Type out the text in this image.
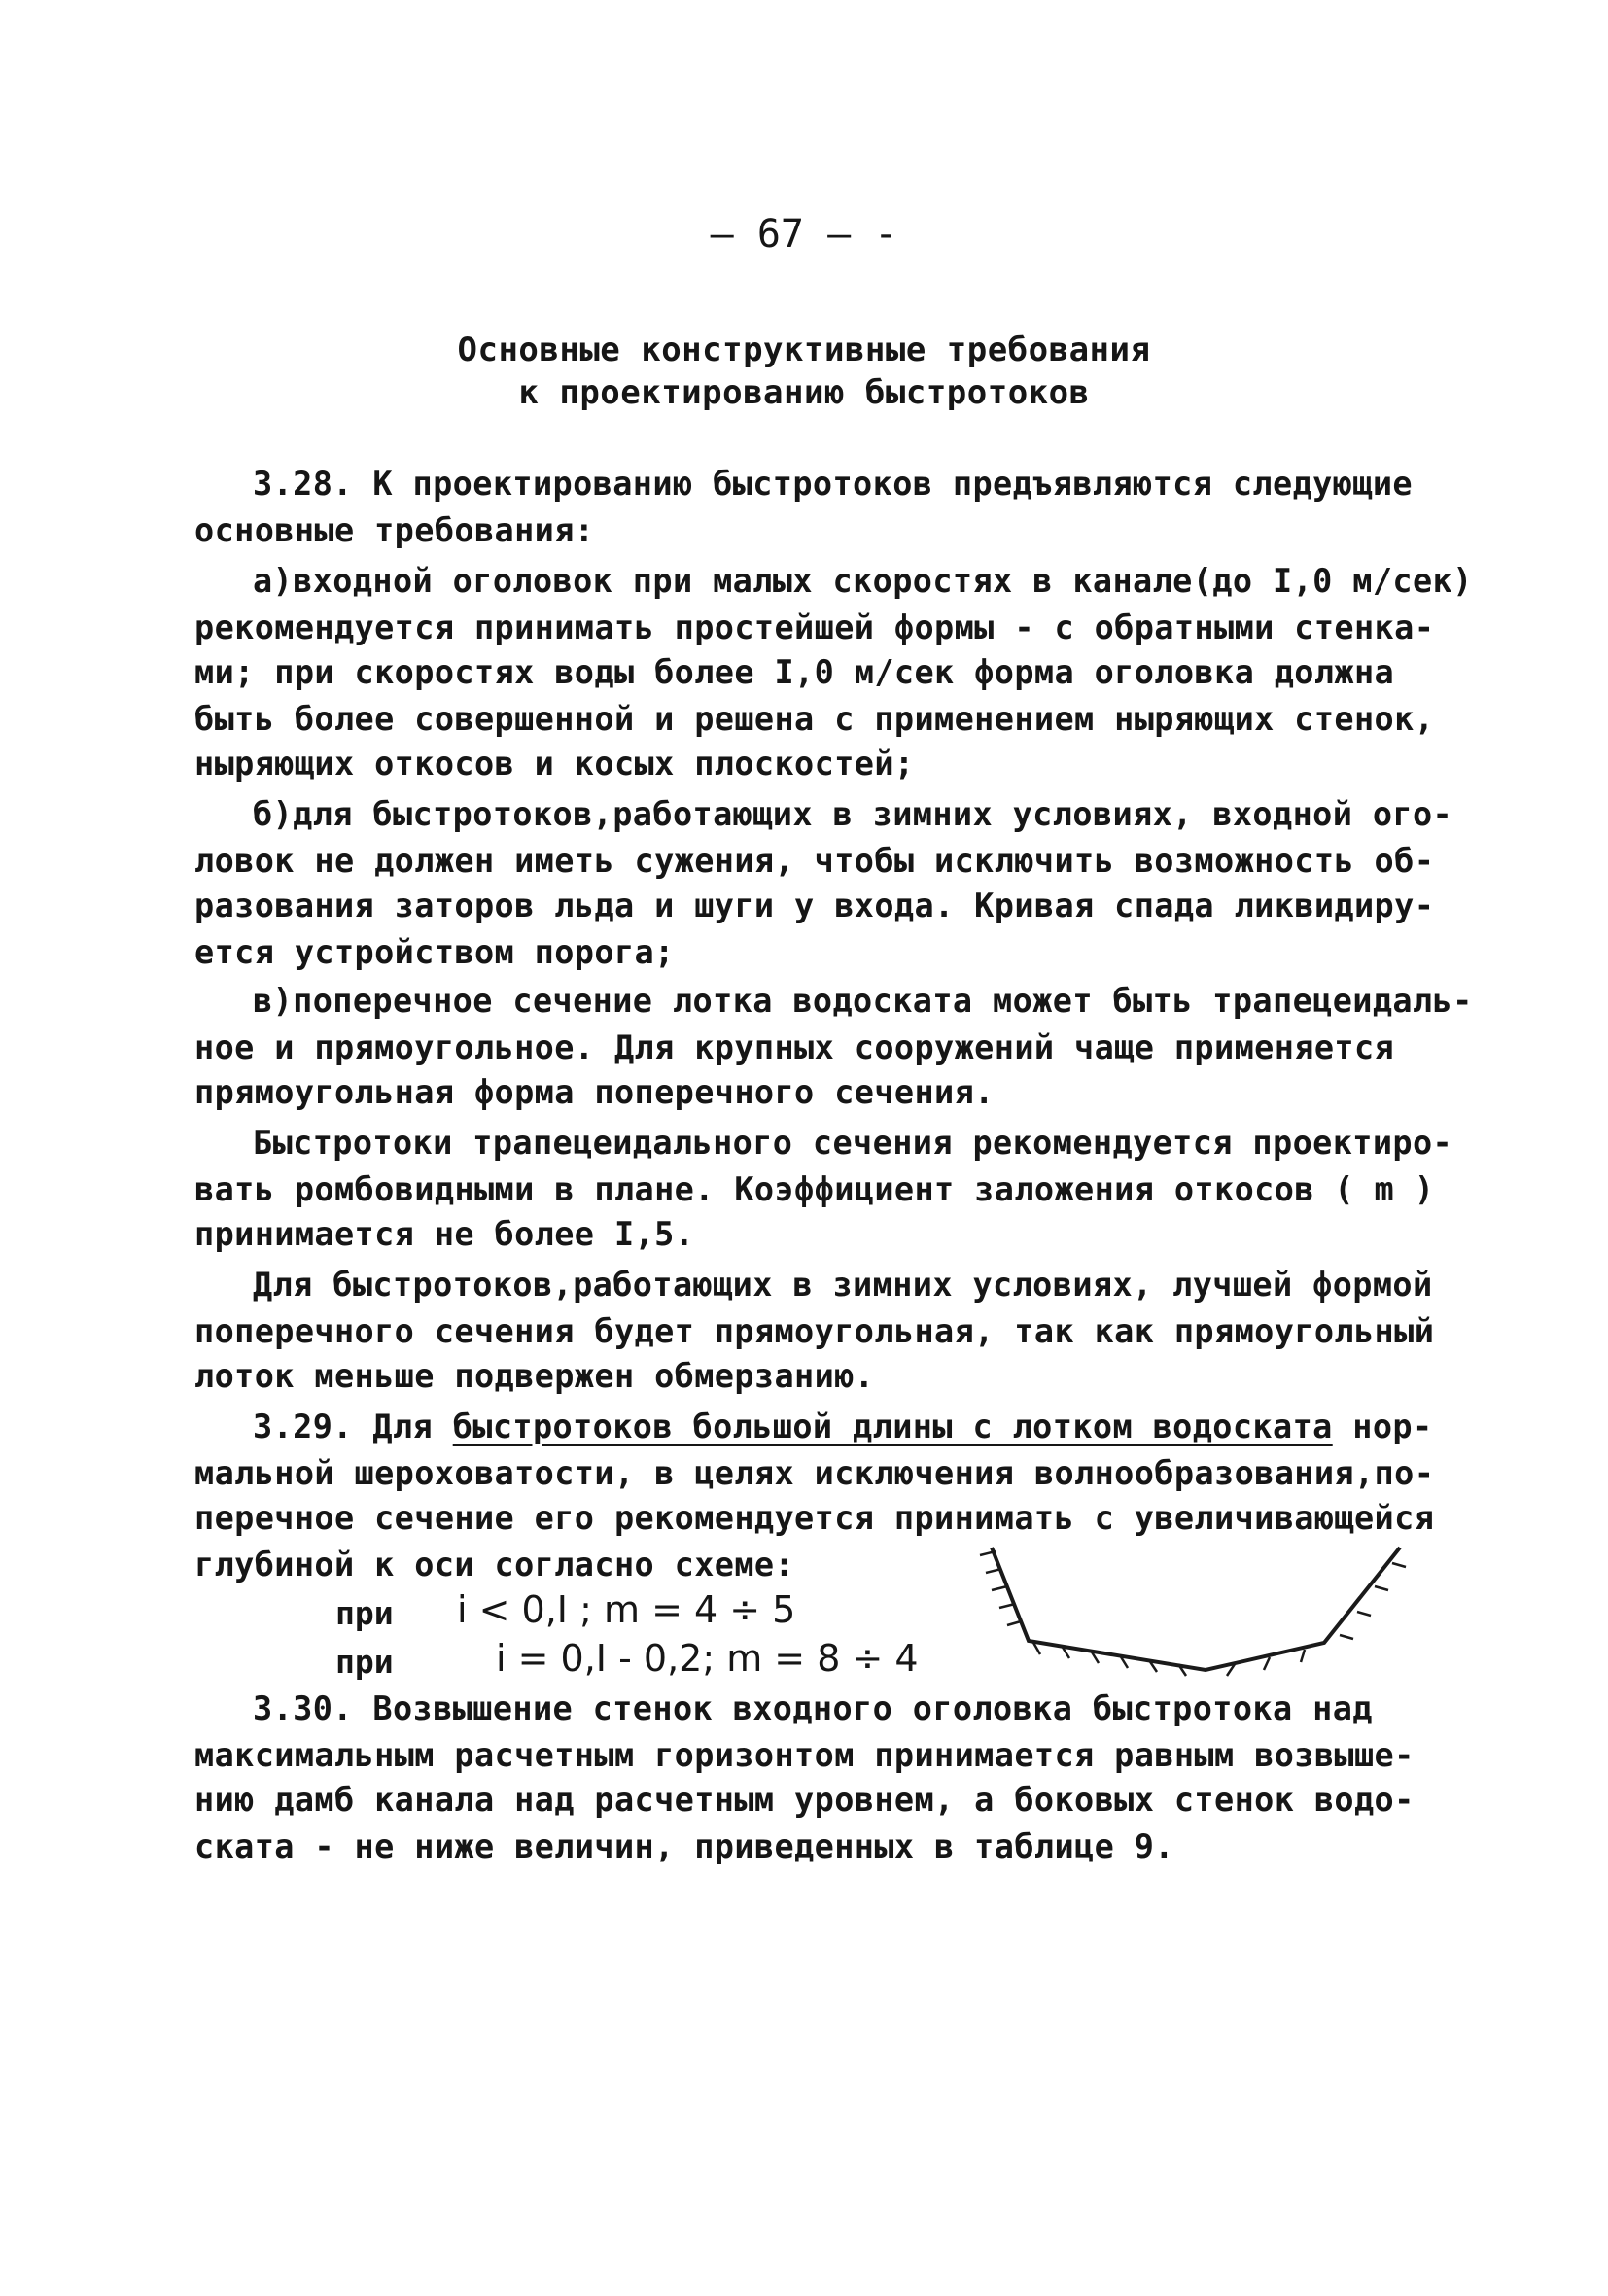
— 67 — -
Основные конструктивные требования
к проектированию быстротоков
3.28. К проектированию быстротоков предъявляются следующие
основные требования:
а)входной оголовок при малых скоростях в канале(до I,0 м/сек)
рекомендуется принимать простейшей формы - с обратными стенка-
ми; при скоростях воды более I,0 м/сек форма оголовка должна
быть более совершенной и решена с применением ныряющих стенок,
ныряющих откосов и косых плоскостей;
б)для быстротоков,работающих в зимних условиях, входной ого-
ловок не должен иметь сужения, чтобы исключить возможность об-
разования заторов льда и шуги у входа. Кривая спада ликвидиру-
ется устройством порога;
в)поперечное сечение лотка водоската может быть трапецеидаль-
ное и прямоугольное. Для крупных сооружений чаще применяется
прямоугольная форма поперечного сечения.
Быстротоки трапецеидального сечения рекомендуется проектиро-
вать ромбовидными в плане. Коэффициент заложения откосов ( m )
принимается не более I,5.
Для быстротоков,работающих в зимних условиях, лучшей формой
поперечного сечения будет прямоугольная, так как прямоугольный
лоток меньше подвержен обмерзанию.
3.29. Для быстротоков большой длины с лотком водоската нор-
мальной шероховатости, в целях исключения волнообразования,по-
перечное сечение его рекомендуется принимать с увеличивающейся
глубиной к оси согласно схеме:
при i < 0,I ; m = 4 ÷ 5
при	i = 0,I - 0,2; m = 8 ÷ 4
3.30. Возвышение стенок входного оголовка быстротока над
максимальным расчетным горизонтом принимается равным возвыше-
нию дамб канала над расчетным уровнем, а боковых стенок водо-
ската - не ниже величин, приведенных в таблице 9.
